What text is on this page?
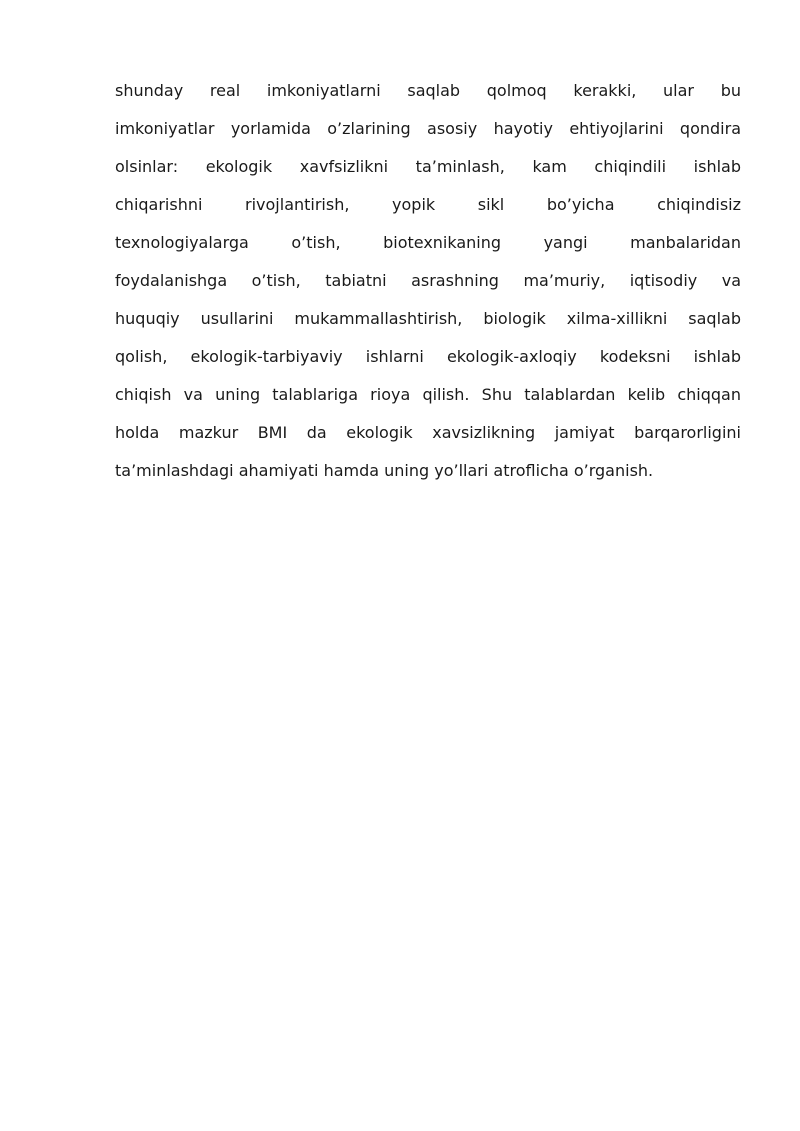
shunday real imkoniyatlarni saqlab qolmoq kerakki, ular bu
imkoniyatlar yorlamida o’zlarining asosiy hayotiy ehtiyojlarini qondira
olsinlar: ekologik xavfsizlikni ta’minlash, kam chiqindili ishlab
chiqarishni rivojlantirish, yopik sikl bo’yicha chiqindisiz
texnologiyalarga o’tish, biotexnikaning yangi manbalaridan
foydalanishga o’tish, tabiatni asrashning ma’muriy, iqtisodiy va
huquqiy usullarini mukammallashtirish, biologik xilma-xillikni saqlab
qolish, ekologik-tarbiyaviy ishlarni ekologik-axloqiy kodeksni ishlab
chiqish va uning talablariga rioya qilish. Shu talablardan kelib chiqqan
holda mazkur BMI da ekologik xavsizlikning jamiyat barqarorligini
ta’minlashdagi ahamiyati hamda uning yo’llari atroflicha o’rganish.
